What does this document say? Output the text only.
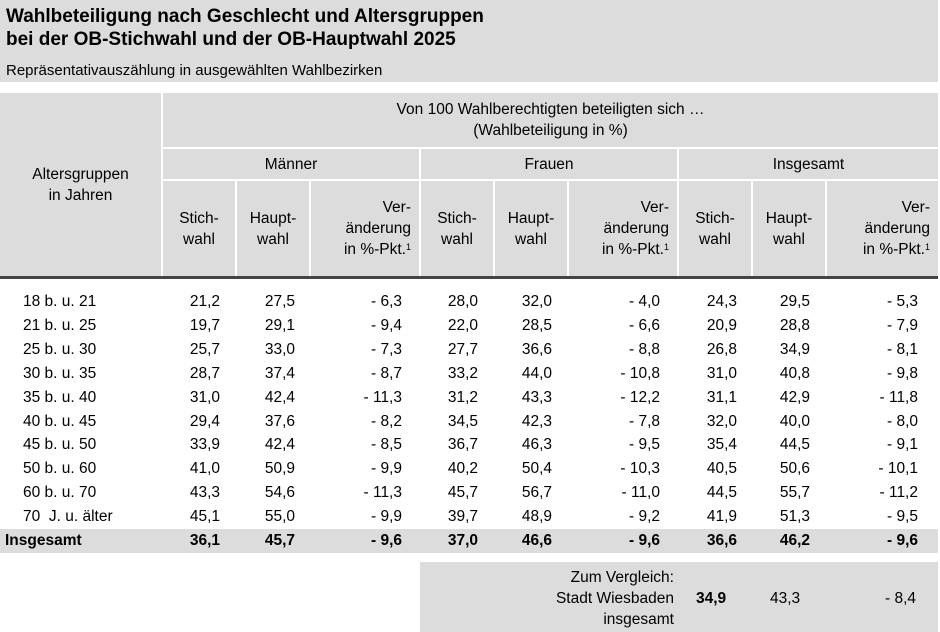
Wahlbeteiligung nach Geschlecht und Altersgruppen
bei der OB-Stichwahl und der OB-Hauptwahl 2025
Repräsentativauszählung in ausgewählten Wahlbezirken
Altersgruppen
in Jahren
Von 100 Wahlberechtigten beteiligten sich …
(Wahlbeteiligung in %)
Männer	Frauen	Insgesamt
Stich-
wahl
Haupt-
wahl
Ver-
änderung
in %-Pkt.$^1$
Stich-
wahl
Haupt-
wahl
Ver-
änderung
in %-Pkt.$^1$
Stich-
wahl
Haupt-
wahl
Ver-
änderung
in %-Pkt.$^1$
18 b. u. 21	21,2	27,5	- 6,3	28,0	32,0	- 4,0	24,3	29,5	- 5,3
21 b. u. 25	19,7	29,1	- 9,4	22,0	28,5	- 6,6	20,9	28,8	- 7,9
25 b. u. 30	25,7	33,0	- 7,3	27,7	36,6	- 8,8	26,8	34,9	- 8,1
30 b. u. 35	28,7	37,4	- 8,7	33,2	44,0	- 10,8	31,0	40,8	- 9,8
35 b. u. 40	31,0	42,4	- 11,3	31,2	43,3	- 12,2	31,1	42,9	- 11,8
40 b. u. 45	29,4	37,6	- 8,2	34,5	42,3	- 7,8	32,0	40,0	- 8,0
45 b. u. 50	33,9	42,4	- 8,5	36,7	46,3	- 9,5	35,4	44,5	- 9,1
50 b. u. 60	41,0	50,9	- 9,9	40,2	50,4	- 10,3	40,5	50,6	- 10,1
60 b. u. 70	43,3	54,6	- 11,3	45,7	56,7	- 11,0	44,5	55,7	- 11,2
70  J. u. älter	45,1	55,0	- 9,9	39,7	48,9	- 9,2	41,9	51,3	- 9,5
Insgesamt	36,1	45,7	- 9,6	37,0	46,6	- 9,6	36,6	46,2	- 9,6
Zum Vergleich:
Stadt Wiesbaden
insgesamt
34,9	43,3	- 8,4
